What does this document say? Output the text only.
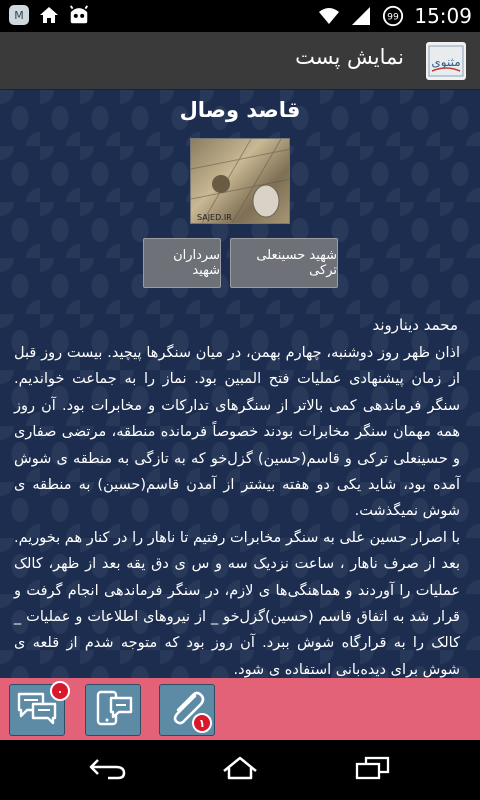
M	99 15:09
نمایش پست مثنوی
قاصد وصال
SAJED.IR
شهید حسینعلی ترکی
سرداران شهید
محمد دیناروند

اذان ظهر روز دوشنبه، چهارم بهمن، در میان سنگرها پیچید. بیست روز قبل از زمان پیشنهادی عملیات فتح المبین بود. نماز را به جماعت خواندیم. سنگر فرماندهی کمی بالاتر از سنگرهای تدارکات و مخابرات بود. آن روز همه مهمان سنگر مخابرات بودند خصوصاً فرمانده منطقه، مرتضی صفاری و حسینعلی ترکی و قاسم(حسین) گزل‌خو که به تازگی به منطقه ی شوش آمده بود، شاید یکی دو هفته بیشتر از آمدن قاسم(حسین) به منطقه ی شوش نمیگذشت.

با اصرار حسین علی به سنگر مخابرات رفتیم تا ناهار را در کنار هم بخوریم. بعد از صرف ناهار ، ساعت نزدیک سه و س ی دق یقه بعد از ظهر، کالک عملیات را آوردند و هماهنگی‌ها ی لازم، در سنگر فرماندهی انجام گرفت و قرار شد به اتفاق قاسم (حسین)گزل‌خو _ از نیروهای اطلاعات و عملیات _ کالک را به قرارگاه شوش ببرد. آن روز بود که متوجه شدم از قلعه ی شوش برای دیده‌بانی استفاده ی شود.

۰
۱
